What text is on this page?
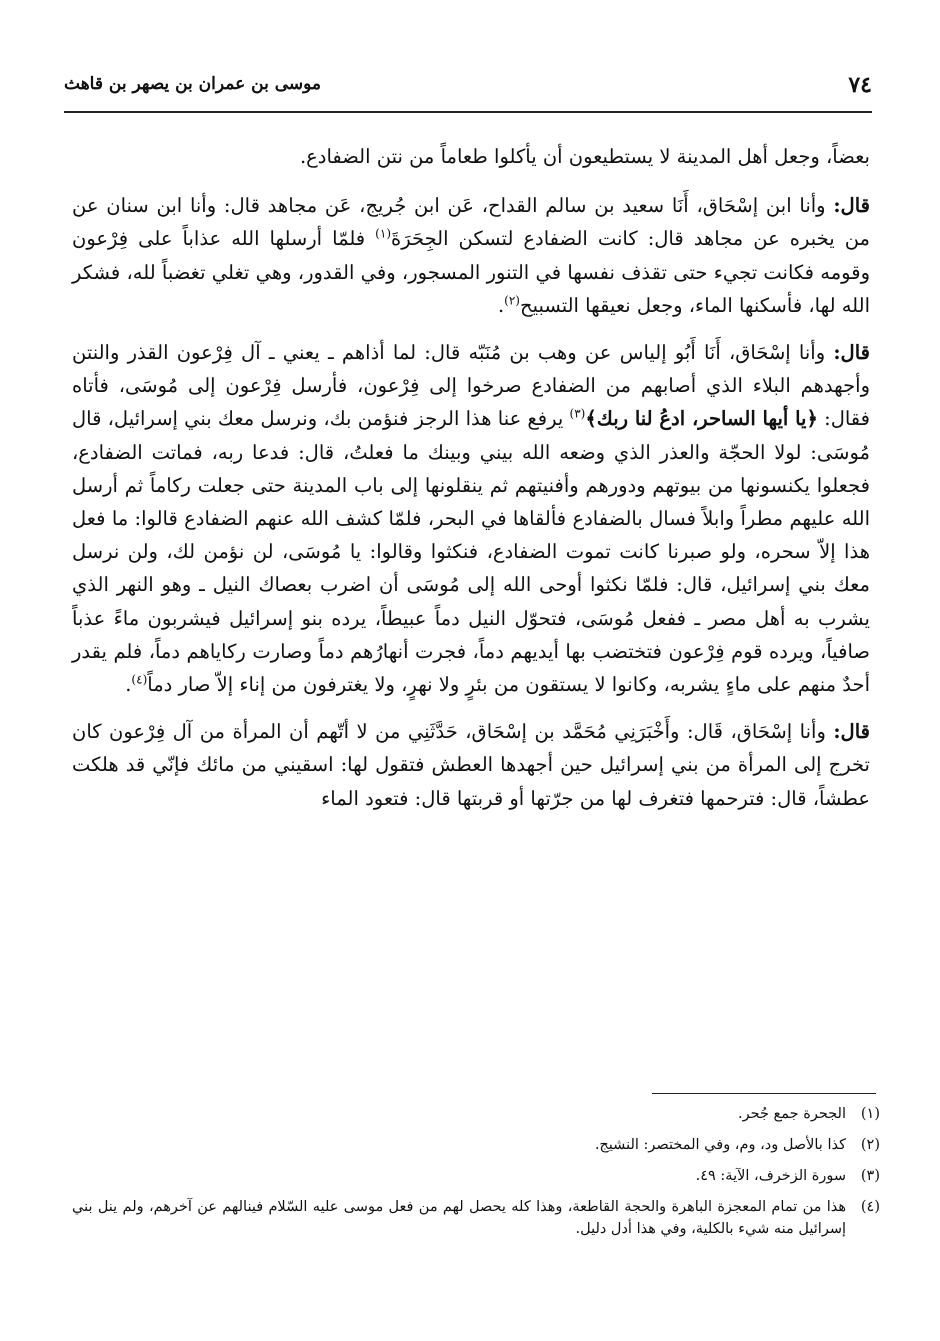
٧٤
موسى بن عمران بن يصهر بن قاهث

بعضاً، وجعل أهل المدينة لا يستطيعون أن يأكلوا طعاماً من نتن الضفادع.

قال: وأنا ابن إسْحَاق، أَنَا سعيد بن سالم القداح، عَن ابن جُريج، عَن مجاهد قال: وأنا ابن سنان عن من يخبره عن مجاهد قال: كانت الضفادع لتسكن الجِحَرَةَ$^{(١)}$ فلمّا أرسلها الله عذاباً على فِرْعون وقومه فكانت تجيء حتى تقذف نفسها في التنور المسجور، وفي القدور، وهي تغلي تغضباً لله، فشكر الله لها، فأسكنها الماء، وجعل نعيقها التسبيح$^{(٢)}$.

قال: وأنا إسْحَاق، أَنَا أَبُو إلياس عن وهب بن مُنَبّه قال: لما أذاهم ـ يعني ـ آل فِرْعون القذر والنتن وأجهدهم البلاء الذي أصابهم من الضفادع صرخوا إلى فِرْعون، فأرسل فِرْعون إلى مُوسَى، فأتاه فقال: ﴿يا أيها الساحر، ادعُ لنا ربك﴾$^{(٣)}$ يرفع عنا هذا الرجز فنؤمن بك، ونرسل معك بني إسرائيل، قال مُوسَى: لولا الحجّة والعذر الذي وضعه الله بيني وبينك ما فعلتُ، قال: فدعا ربه، فماتت الضفادع، فجعلوا يكنسونها من بيوتهم ودورهم وأفنيتهم ثم ينقلونها إلى باب المدينة حتى جعلت ركاماً ثم أرسل الله عليهم مطراً وابلاً فسال بالضفادع فألقاها في البحر، فلمّا كشف الله عنهم الضفادع قالوا: ما فعل هذا إلاّ سحره، ولو صبرنا كانت تموت الضفادع، فنكثوا وقالوا: يا مُوسَى، لن نؤمن لك، ولن نرسل معك بني إسرائيل، قال: فلمّا نكثوا أوحى الله إلى مُوسَى أن اضرب بعصاك النيل ـ وهو النهر الذي يشرب به أهل مصر ـ ففعل مُوسَى، فتحوّل النيل دماً عبيطاً، يرده بنو إسرائيل فيشربون ماءً عذباً صافياً، ويرده قوم فِرْعون فتختضب بها أيديهم دماً، فجرت أنهارُهم دماً وصارت ركاياهم دماً، فلم يقدر أحدٌ منهم على ماءٍ يشربه، وكانوا لا يستقون من بئرٍ ولا نهرٍ، ولا يغترفون من إناء إلاّ صار دماً$^{(٤)}$.

قال: وأنا إسْحَاق، قَال: وأَخْبَرَنِي مُحَمَّد بن إسْحَاق، حَدَّثَنِي من لا أتّهم أن المرأة من آل فِرْعون كان تخرج إلى المرأة من بني إسرائيل حين أجهدها العطش فتقول لها: اسقيني من مائك فإنّي قد هلكت عطشاً، قال: فترحمها فتغرف لها من جرّتها أو قربتها قال: فتعود الماء

(١)
الجحرة جمع جُحر.
(٢)
كذا بالأصل ود، وم، وفي المختصر: النشيج.
(٣)
سورة الزخرف، الآية: ٤٩.
(٤)
هذا من تمام المعجزة الباهرة والحجة القاطعة، وهذا كله يحصل لهم من فعل موسى عليه السّلام فينالهم عن آخرهم، ولم ينل بني إسرائيل منه شيء بالكلية، وفي هذا أدل دليل.
